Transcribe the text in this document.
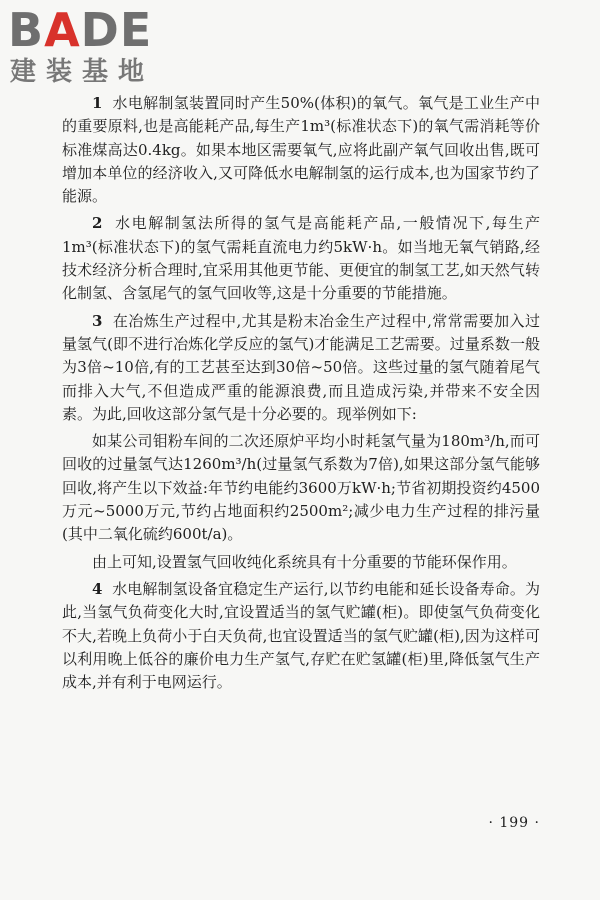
BADE
建装基地

1 水电解制氢装置同时产生50%(体积)的氧气。氧气是工业生产中的重要原料,也是高能耗产品,每生产1m³(标准状态下)的氧气需消耗等价标准煤高达0.4kg。如果本地区需要氧气,应将此副产氧气回收出售,既可增加本单位的经济收入,又可降低水电解制氢的运行成本,也为国家节约了能源。

2 水电解制氢法所得的氢气是高能耗产品,一般情况下,每生产1m³(标准状态下)的氢气需耗直流电力约5kW·h。如当地无氧气销路,经技术经济分析合理时,宜采用其他更节能、更便宜的制氢工艺,如天然气转化制氢、含氢尾气的氢气回收等,这是十分重要的节能措施。

3 在冶炼生产过程中,尤其是粉末冶金生产过程中,常常需要加入过量氢气(即不进行冶炼化学反应的氢气)才能满足工艺需要。过量系数一般为3倍~10倍,有的工艺甚至达到30倍~50倍。这些过量的氢气随着尾气而排入大气,不但造成严重的能源浪费,而且造成污染,并带来不安全因素。为此,回收这部分氢气是十分必要的。现举例如下:

如某公司钼粉车间的二次还原炉平均小时耗氢气量为180m³/h,而可回收的过量氢气达1260m³/h(过量氢气系数为7倍),如果这部分氢气能够回收,将产生以下效益:年节约电能约3600万kW·h;节省初期投资约4500万元~5000万元,节约占地面积约2500m²;减少电力生产过程的排污量(其中二氧化硫约600t/a)。

由上可知,设置氢气回收纯化系统具有十分重要的节能环保作用。

4 水电解制氢设备宜稳定生产运行,以节约电能和延长设备寿命。为此,当氢气负荷变化大时,宜设置适当的氢气贮罐(柜)。即使氢气负荷变化不大,若晚上负荷小于白天负荷,也宜设置适当的氢气贮罐(柜),因为这样可以利用晚上低谷的廉价电力生产氢气,存贮在贮氢罐(柜)里,降低氢气生产成本,并有利于电网运行。

· 199 ·
